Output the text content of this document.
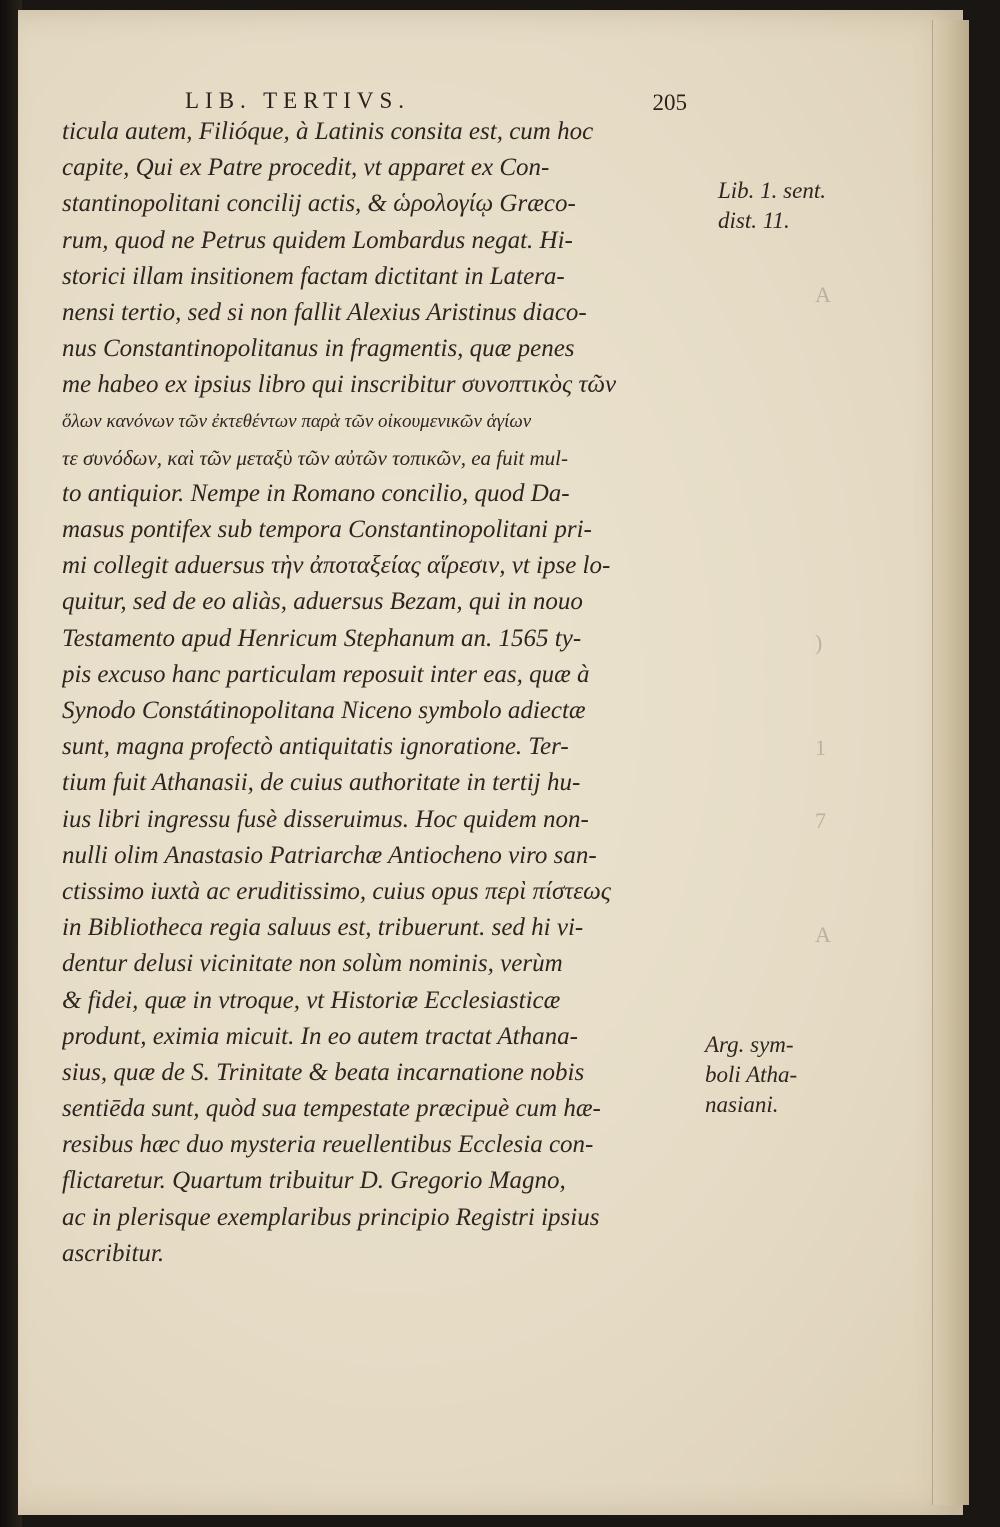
A
)
1
7
A
LIB. TERTIVS.	205
ticula autem, Filióque, à Latinis consita est, cum hoc
capite, Qui ex Patre procedit, vt apparet ex Con-
stantinopolitani concilij actis, & ὡρολογίῳ Græco-
rum, quod ne Petrus quidem Lombardus negat. Hi-
storici illam insitionem factam dictitant in Latera-
nensi tertio, sed si non fallit Alexius Aristinus diaco-
nus Constantinopolitanus in fragmentis, quæ penes
me habeo ex ipsius libro qui inscribitur συνοπτικὸς τῶν
ὅλων κανόνων τῶν ἐκτεθέντων παρὰ τῶν οἰκουμενικῶν ἁγίων
τε συνόδων, καὶ τῶν μεταξὺ τῶν αὐτῶν τοπικῶν, ea fuit mul-
to antiquior. Nempe in Romano concilio, quod Da-
masus pontifex sub tempora Constantinopolitani pri-
mi collegit aduersus τὴν ἀποταξείας αἵρεσιν, vt ipse lo-
quitur, sed de eo aliàs, aduersus Bezam, qui in nouo
Testamento apud Henricum Stephanum an. 1565 ty-
pis excuso hanc particulam reposuit inter eas, quæ à
Synodo Constátinopolitana Niceno symbolo adiectæ
sunt, magna profectò antiquitatis ignoratione. Ter-
tium fuit Athanasii, de cuius authoritate in tertij hu-
ius libri ingressu fusè disseruimus. Hoc quidem non-
nulli olim Anastasio Patriarchæ Antiocheno viro san-
ctissimo iuxtà ac eruditissimo, cuius opus περὶ πίστεως
in Bibliotheca regia saluus est, tribuerunt. sed hi vi-
dentur delusi vicinitate non solùm nominis, verùm
& fidei, quæ in vtroque, vt Historiæ Ecclesiasticæ
produnt, eximia micuit. In eo autem tractat Athana-
sius, quæ de S. Trinitate & beata incarnatione nobis
sentiēda sunt, quòd sua tempestate præcipuè cum hæ-
resibus hæc duo mysteria reuellentibus Ecclesia con-
flictaretur. Quartum tribuitur D. Gregorio Magno,
ac in plerisque exemplaribus principio Registri ipsius
ascribitur.
Lib. 1. sent.
dist. 11.
Arg. sym-
boli Atha-
nasiani.
